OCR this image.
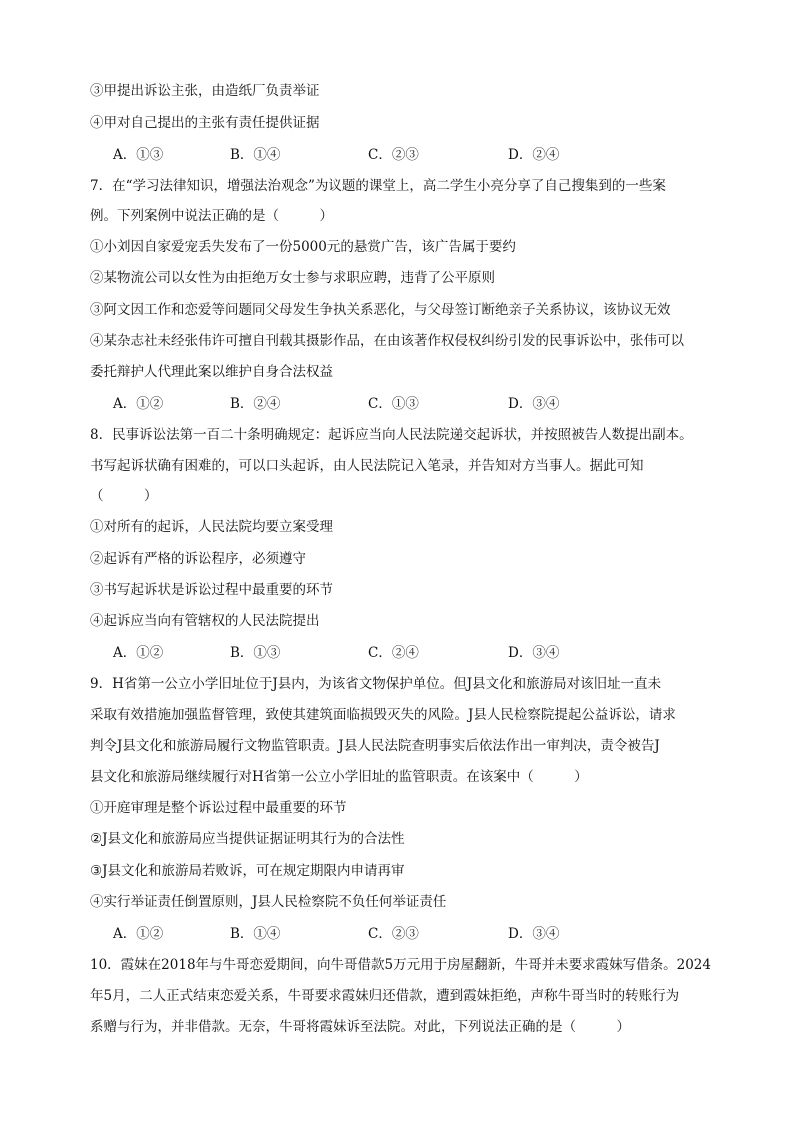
③甲提出诉讼主张，由造纸厂负责举证
④甲对自己提出的主张有责任提供证据
A．①③	B．①④	C．②③	D．②④
7．在“学习法律知识，增强法治观念”为议题的课堂上，高二学生小亮分享了自己搜集到的一些案
例。下列案例中说法正确的是（　　　）
①小刘因自家爱宠丢失发布了一份5000元的悬赏广告，该广告属于要约
②某物流公司以女性为由拒绝万女士参与求职应聘，违背了公平原则
③阿文因工作和恋爱等问题同父母发生争执关系恶化，与父母签订断绝亲子关系协议，该协议无效
④某杂志社未经张伟许可擅自刊载其摄影作品，在由该著作权侵权纠纷引发的民事诉讼中，张伟可以
委托辩护人代理此案以维护自身合法权益
A．①②	B．②④	C．①③	D．③④
8．民事诉讼法第一百二十条明确规定：起诉应当向人民法院递交起诉状，并按照被告人数提出副本。
书写起诉状确有困难的，可以口头起诉，由人民法院记入笔录，并告知对方当事人。据此可知
（　　　）
①对所有的起诉，人民法院均要立案受理
②起诉有严格的诉讼程序，必须遵守
③书写起诉状是诉讼过程中最重要的环节
④起诉应当向有管辖权的人民法院提出
A．①②	B．①③	C．②④	D．③④
9．H省第一公立小学旧址位于J县内，为该省文物保护单位。但J县文化和旅游局对该旧址一直未
采取有效措施加强监督管理，致使其建筑面临损毁灭失的风险。J县人民检察院提起公益诉讼，请求
判令J县文化和旅游局履行文物监管职责。J县人民法院查明事实后依法作出一审判决，责令被告J
县文化和旅游局继续履行对H省第一公立小学旧址的监管职责。在该案中（　　　）
①开庭审理是整个诉讼过程中最重要的环节
②J县文化和旅游局应当提供证据证明其行为的合法性
③J县文化和旅游局若败诉，可在规定期限内申请再审
④实行举证责任倒置原则，J县人民检察院不负任何举证责任
A．①②	B．①④	C．②③	D．③④
10．霞妹在2018年与牛哥恋爱期间，向牛哥借款5万元用于房屋翻新，牛哥并未要求霞妹写借条。2024
年5月，二人正式结束恋爱关系，牛哥要求霞妹归还借款，遭到霞妹拒绝，声称牛哥当时的转账行为
系赠与行为，并非借款。无奈，牛哥将霞妹诉至法院。对此，下列说法正确的是（　　　）
